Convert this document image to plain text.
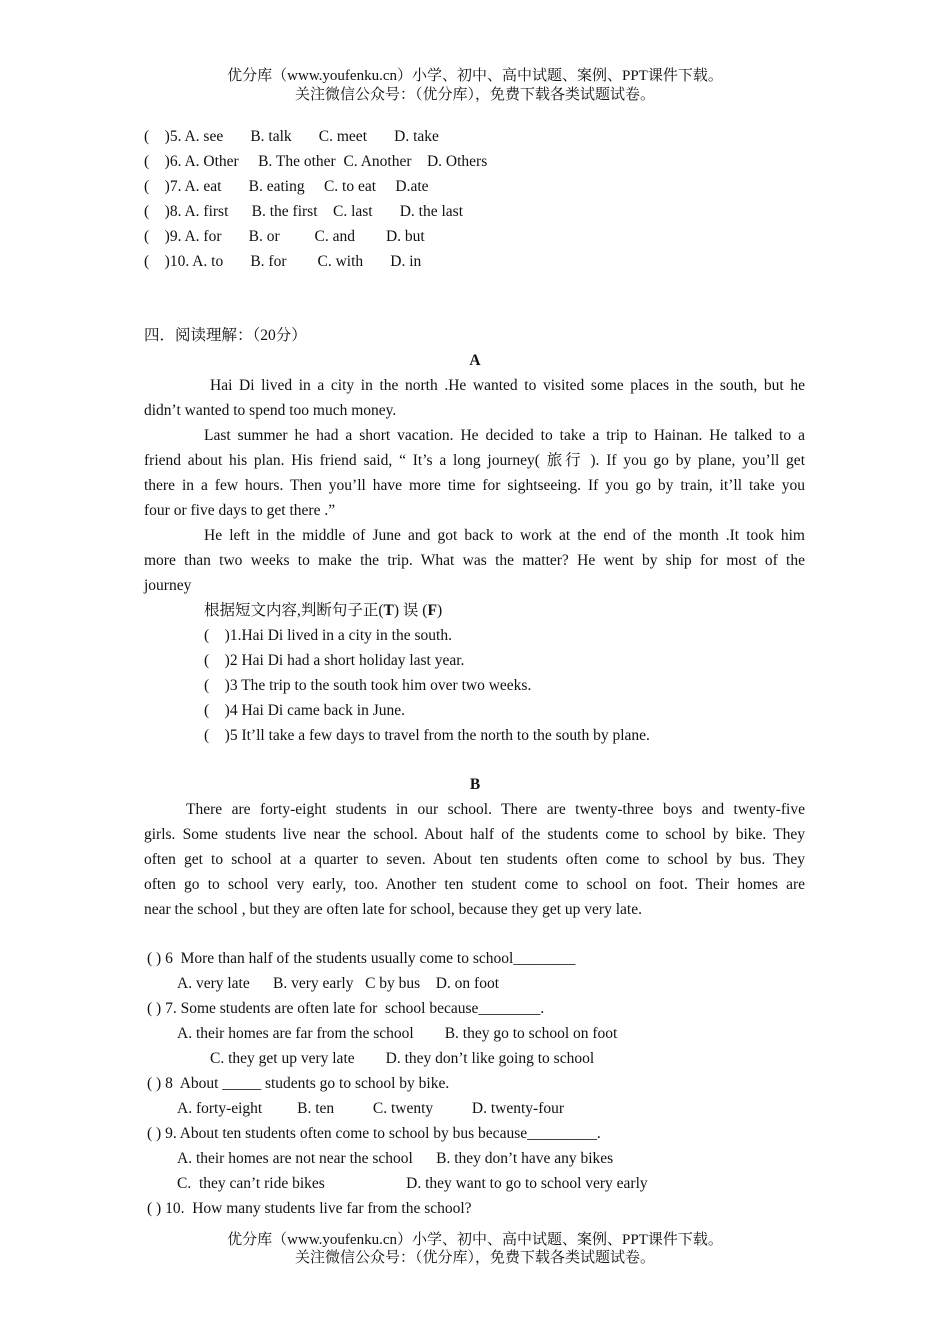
优分库（www.youfenku.cn）小学、初中、高中试题、案例、PPT课件下载。
关注微信公众号：（优分库），免费下载各类试题试卷。
(    )5. A. see       B. talk       C. meet       D. take
(    )6. A. Other     B. The other  C. Another    D. Others
(    )7. A. eat       B. eating     C. to eat     D.ate
(    )8. A. first      B. the first    C. last       D. the last
(    )9. A. for       B. or         C. and        D. but
(    )10. A. to       B. for        C. with       D. in
四．阅读理解：（20分）
A
Hai Di lived in a city in the north .He wanted to visited some places in the south, but he
didn’t wanted to spend too much money.
Last summer he had a short vacation. He decided to take a trip to Hainan. He talked to a
friend about his plan. His friend said, “ It’s a long journey( 旅行 ). If you go by plane, you’ll get
there in a few hours. Then you’ll have more time for sightseeing. If you go by train, it’ll take you
four or five days to get there .”
He left in the middle of June and got back to work at the end of the month .It took him
more than two weeks to make the trip. What was the matter? He went by ship for most of the
journey
根据短文内容,判断句子正(T) 误 (F)
(    )1.Hai Di lived in a city in the south.
(    )2 Hai Di had a short holiday last year.
(    )3 The trip to the south took him over two weeks.
(    )4 Hai Di came back in June.
(    )5 It’ll take a few days to travel from the north to the south by plane.
B
There are forty-eight students in our school. There are twenty-three boys and twenty-five
girls. Some students live near the school. About half of the students come to school by bike. They
often get to school at a quarter to seven. About ten students often come to school by bus. They
often go to school very early, too. Another ten student come to school on foot. Their homes are
near the school , but they are often late for school, because they get up very late.
( ) 6  More than half of the students usually come to school________
A. very late      B. very early   C by bus    D. on foot
( ) 7. Some students are often late for  school because________.
A. their homes are far from the school        B. they go to school on foot
C. they get up very late        D. they don’t like going to school
( ) 8  About _____ students go to school by bike.
A. forty-eight         B. ten          C. twenty          D. twenty-four
( ) 9. About ten students often come to school by bus because_________.
A. their homes are not near the school      B. they don’t have any bikes
C.  they can’t ride bikes                     D. they want to go to school very early
( ) 10.  How many students live far from the school?
优分库（www.youfenku.cn）小学、初中、高中试题、案例、PPT课件下载。
关注微信公众号：（优分库），免费下载各类试题试卷。
